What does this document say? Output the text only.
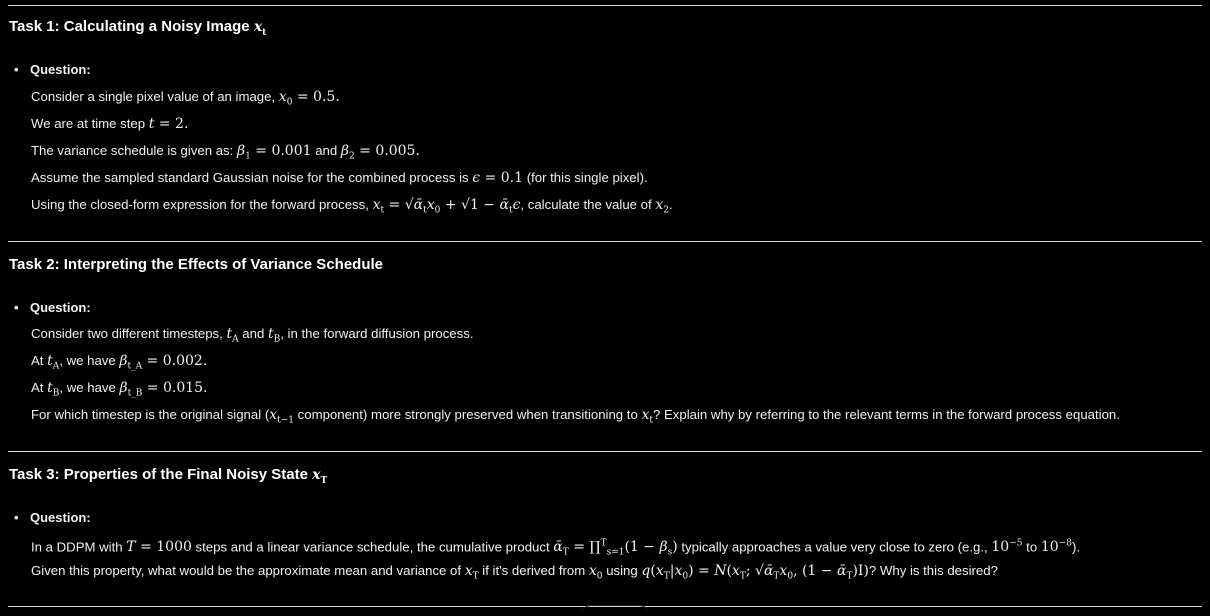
Task 1: Calculating a Noisy Image $x_t$
• Question:
Consider a single pixel value of an image, $x_0 = 0.5$.
We are at time step t = 2.
The variance schedule is given as: $\beta_1 = 0.001$ and $\beta_2 = 0.005$.
Assume the sampled standard Gaussian noise for the combined process is ϵ = 0.1 (for this single pixel).
Using the closed-form expression for the forward process, $x_t$ = $√ᾱ_tx_0 + √1$ − ᾱ$_t$ϵ, calculate the value of $x_2$.
Task 2: Interpreting the Effects of Variance Schedule
• Question:
Consider two different timesteps, $t_A$ and $t_B$, in the forward diffusion process.
At $t_A$, we have $\beta_{t\_A} = 0.002$.
At $t_B$, we have $\beta_{t\_B} = 0.015$.
For which timestep is the original signal ($x_{t-1}$ component) more strongly preserved when transitioning to $x_t$? Explain why by referring to the relevant terms in the forward process equation.
Task 3: Properties of the Final Noisy State $x_T$
• Question:
In a DDPM with T = 1000 steps and a linear variance schedule, the cumulative product ᾱ$_T$ = ∏$^T_{s=1}$(1 − $\beta_s$) typically approaches a value very close to zero (e.g., $10^{-5}$ to $10^{-8}$).
Given this property, what would be the approximate mean and variance of $x_T$ if it's derived from $x_0$ using $q(x_T|x_0) = N(x_T$; $√ᾱ_Tx_0$, (1 − ᾱ$_T$)I)? Why is this desired?
